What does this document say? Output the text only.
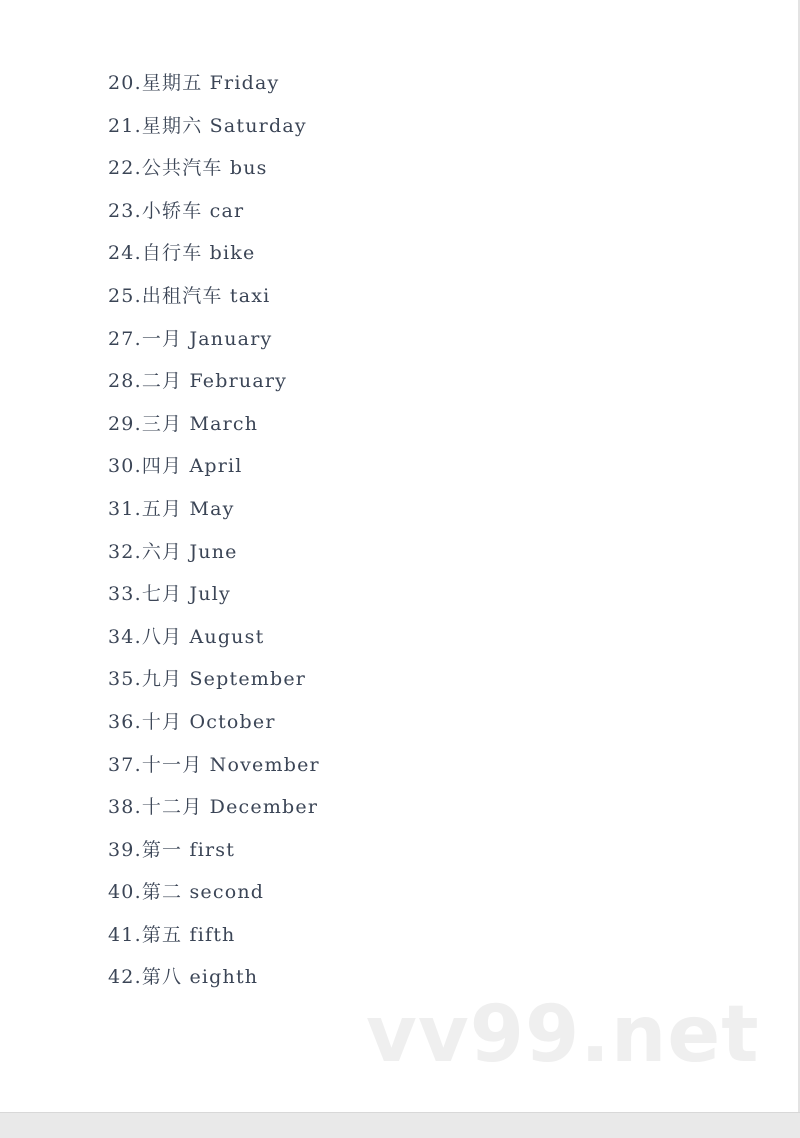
20.星期五 Friday
21.星期六 Saturday
22.公共汽车 bus
23.小轿车 car
24.自行车 bike
25.出租汽车 taxi
27.一月 January
28.二月 February
29.三月 March
30.四月 April
31.五月 May
32.六月 June
33.七月 July
34.八月 August
35.九月 September
36.十月 October
37.十一月 November
38.十二月 December
39.第一 first
40.第二 second
41.第五 fifth
42.第八 eighth
vv99.net
